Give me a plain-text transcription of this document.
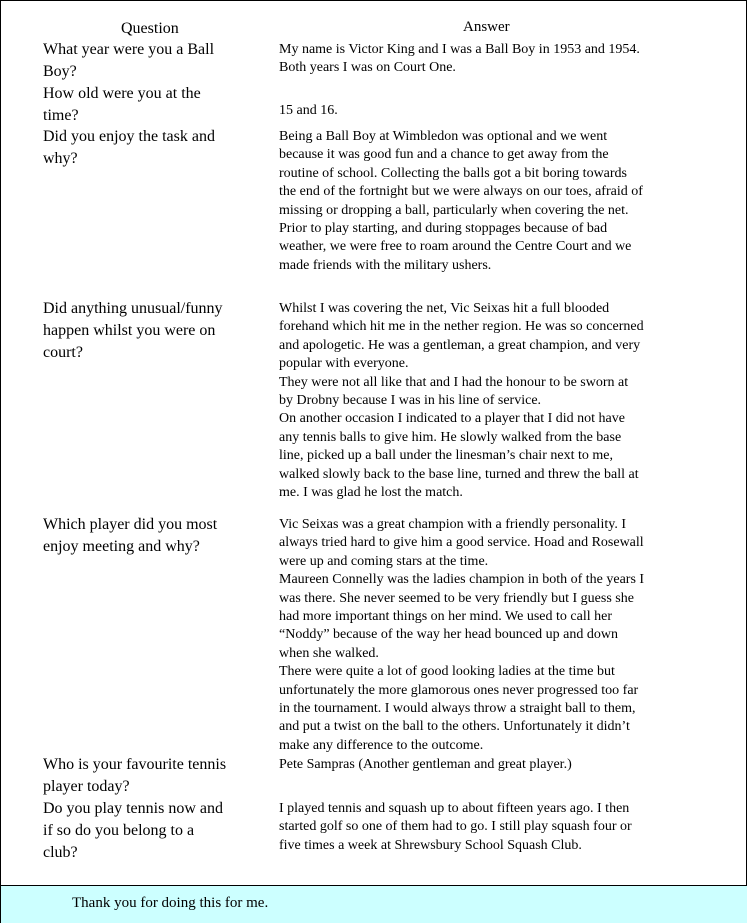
Question	Answer
What year were you a Ball
Boy?

My name is Victor King and I was a Ball Boy in 1953 and 1954.
Both years I was on Court One.

How old were you at the
time?	15 and 16.

Did you enjoy the task and
why?

Being a Ball Boy at Wimbledon was optional and we went
because it was good fun and a chance to get away from the
routine of school. Collecting the balls got a bit boring towards
the end of the fortnight but we were always on our toes, afraid of
missing or dropping a ball, particularly when covering the net.
Prior to play starting, and during stoppages because of bad
weather, we were free to roam around the Centre Court and we
made friends with the military ushers.

Did anything unusual/funny
happen whilst you were on
court?

Whilst I was covering the net, Vic Seixas hit a full blooded
forehand which hit me in the nether region. He was so concerned
and apologetic. He was a gentleman, a great champion, and very
popular with everyone.

They were not all like that and I had the honour to be sworn at
by Drobny because I was in his line of service.

On another occasion I indicated to a player that I did not have
any tennis balls to give him. He slowly walked from the base
line, picked up a ball under the linesman’s chair next to me,
walked slowly back to the base line, turned and threw the ball at
me. I was glad he lost the match.

Which player did you most
enjoy meeting and why?

Vic Seixas was a great champion with a friendly personality. I
always tried hard to give him a good service. Hoad and Rosewall
were up and coming stars at the time.

Maureen Connelly was the ladies champion in both of the years I
was there. She never seemed to be very friendly but I guess she
had more important things on her mind. We used to call her
“Noddy” because of the way her head bounced up and down
when she walked.

There were quite a lot of good looking ladies at the time but
unfortunately the more glamorous ones never progressed too far
in the tournament. I would always throw a straight ball to them,
and put a twist on the ball to the others. Unfortunately it didn’t
make any difference to the outcome.

Who is your favourite tennis
player today?

Pete Sampras (Another gentleman and great player.)

Do you play tennis now and
if so do you belong to a
club?

I played tennis and squash up to about fifteen years ago. I then
started golf so one of them had to go. I still play squash four or
five times a week at Shrewsbury School Squash Club.

Thank you for doing this for me.
